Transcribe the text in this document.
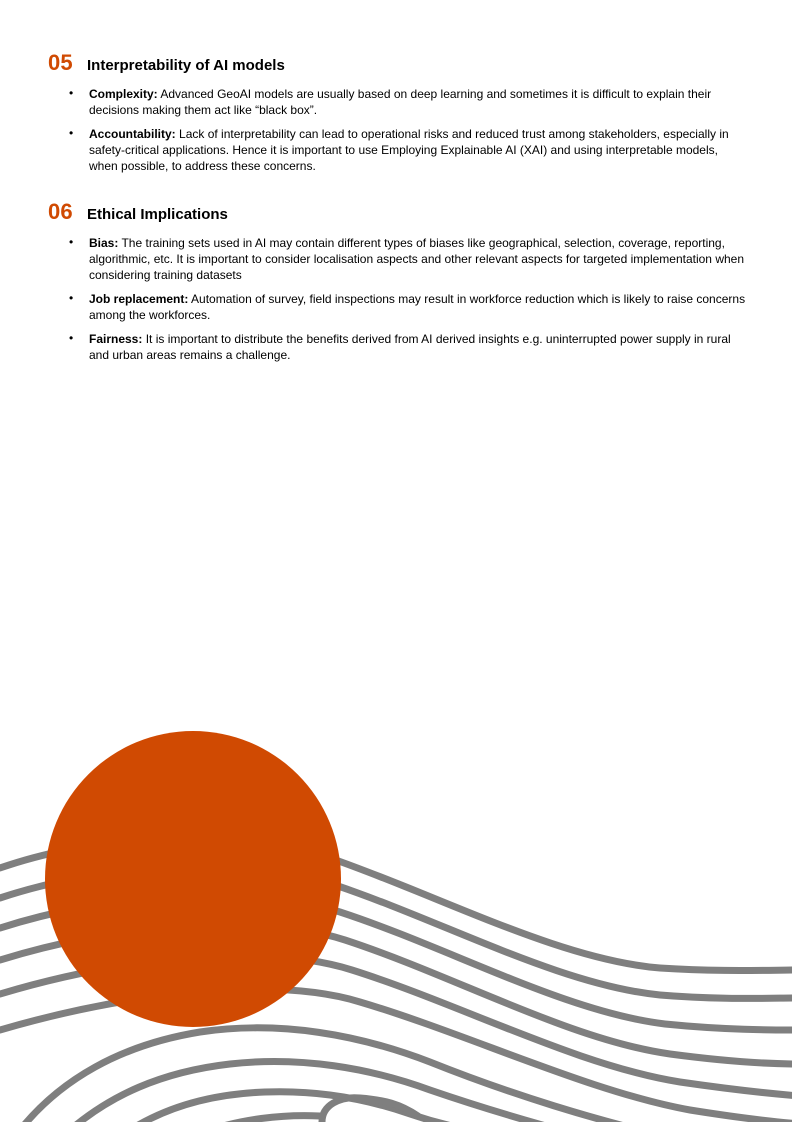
05 Interpretability of AI models
• Complexity: Advanced GeoAI models are usually based on deep learning and sometimes it is difficult to explain their decisions making them act like “black box”.
• Accountability: Lack of interpretability can lead to operational risks and reduced trust among stakeholders, especially in safety-critical applications. Hence it is important to use Employing Explainable AI (XAI) and using interpretable models, when possible, to address these concerns.
06 Ethical Implications
• Bias: The training sets used in AI may contain different types of biases like geographical, selection, coverage, reporting, algorithmic, etc. It is important to consider localisation aspects and other relevant aspects for targeted implementation when considering training datasets
• Job replacement: Automation of survey, field inspections may result in workforce reduction which is likely to raise concerns among the workforces.
• Fairness: It is important to distribute the benefits derived from AI derived insights e.g. uninterrupted power supply in rural and urban areas remains a challenge.
